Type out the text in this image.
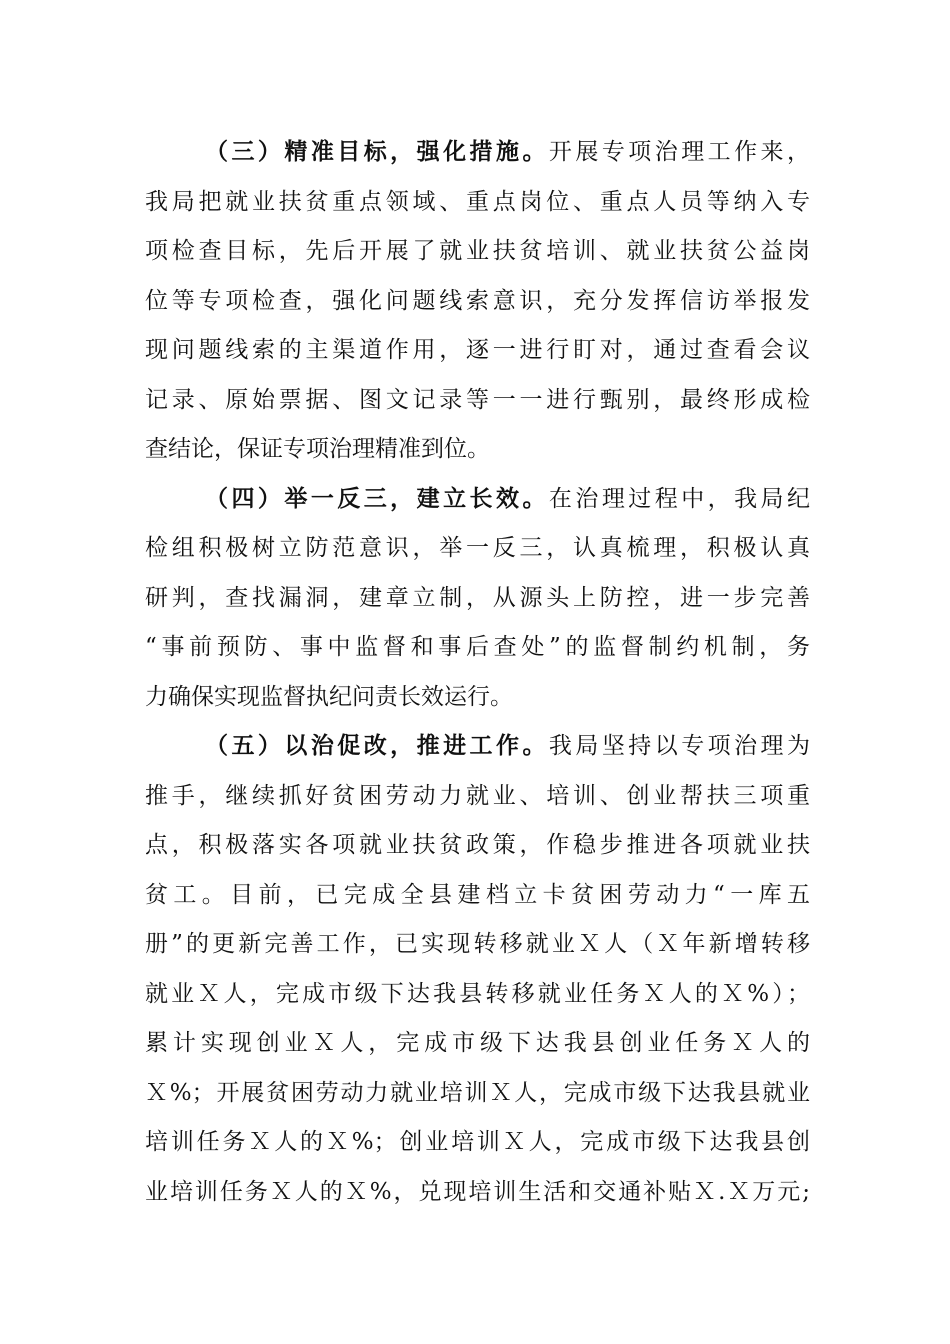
（三）精准目标，强化措施。开展专项治理工作来，
我局把就业扶贫重点领域、重点岗位、重点人员等纳入专
项检查目标，先后开展了就业扶贫培训、就业扶贫公益岗
位等专项检查，强化问题线索意识，充分发挥信访举报发
现问题线索的主渠道作用，逐一进行盯对，通过查看会议
记录、原始票据、图文记录等一一进行甄别，最终形成检
查结论，保证专项治理精准到位。
（四）举一反三，建立长效。在治理过程中，我局纪
检组积极树立防范意识，举一反三，认真梳理，积极认真
研判，查找漏洞，建章立制，从源头上防控，进一步完善
“事前预防、事中监督和事后查处”的监督制约机制，务
力确保实现监督执纪问责长效运行。
（五）以治促改，推进工作。我局坚持以专项治理为
推手，继续抓好贫困劳动力就业、培训、创业帮扶三项重
点，积极落实各项就业扶贫政策，作稳步推进各项就业扶
贫工。目前，已完成全县建档立卡贫困劳动力“一库五
册”的更新完善工作，已实现转移就业Ｘ人（Ｘ年新增转移
就业Ｘ人，完成市级下达我县转移就业任务Ｘ人的Ｘ%）；
累计实现创业Ｘ人，完成市级下达我县创业任务Ｘ人的
Ｘ%；开展贫困劳动力就业培训Ｘ人，完成市级下达我县就业
培训任务Ｘ人的Ｘ%；创业培训Ｘ人，完成市级下达我县创
业培训任务Ｘ人的Ｘ%，兑现培训生活和交通补贴Ｘ.Ｘ万元;
